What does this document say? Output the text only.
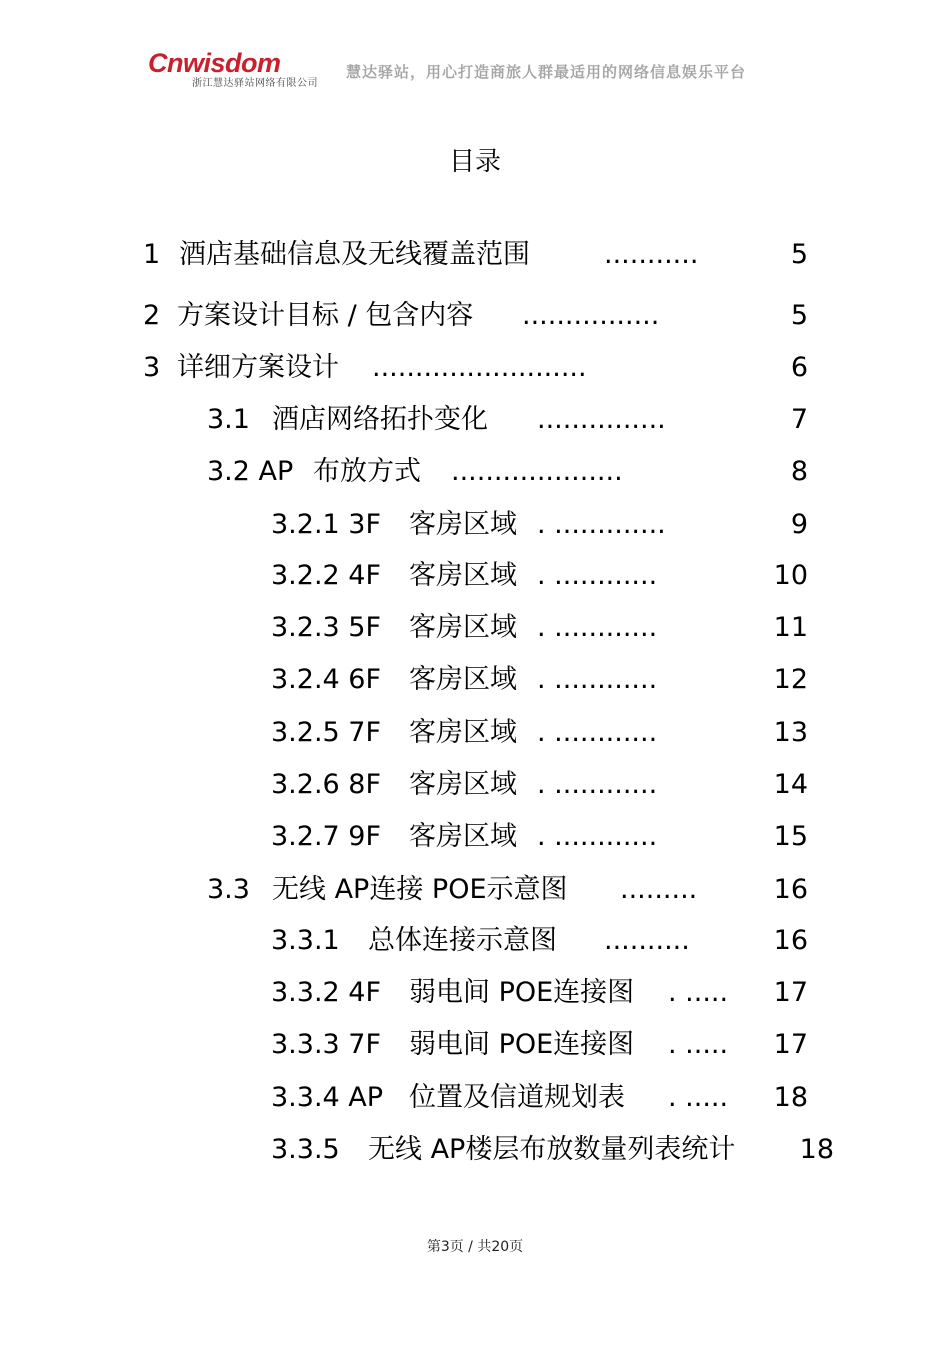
Cnwisdom
浙江慧达驿站网络有限公司
慧达驿站，用心打造商旅人群最适用的网络信息娱乐平台
目录
1 酒店基础信息及无线覆盖范围	...........	5
2 方案设计目标 / 包含内容 ................	5
3 详细方案设计 .........................	6
3.1 酒店网络拓扑变化 ...............	7
3.2 AP 布放方式 ....................	8
3.2.1 3F 客房区域 . .............	9
3.2.2 4F 客房区域 . ............	10
3.2.3 5F 客房区域 . ............	11
3.2.4 6F 客房区域 . ............	12
3.2.5 7F 客房区域 . ............	13
3.2.6 8F 客房区域 . ............	14
3.2.7 9F 客房区域 . ............	15
3.3 无线 AP连接 POE示意图 .........	16
3.3.1 总体连接示意图 ..........	16
3.3.2 4F 弱电间 POE连接图 . ..... 17
3.3.3 7F 弱电间 POE连接图 . ..... 17
3.3.4 AP 位置及信道规划表 . ..... 18
3.3.5 无线 AP楼层布放数量列表统计 18
第3页 / 共20页
